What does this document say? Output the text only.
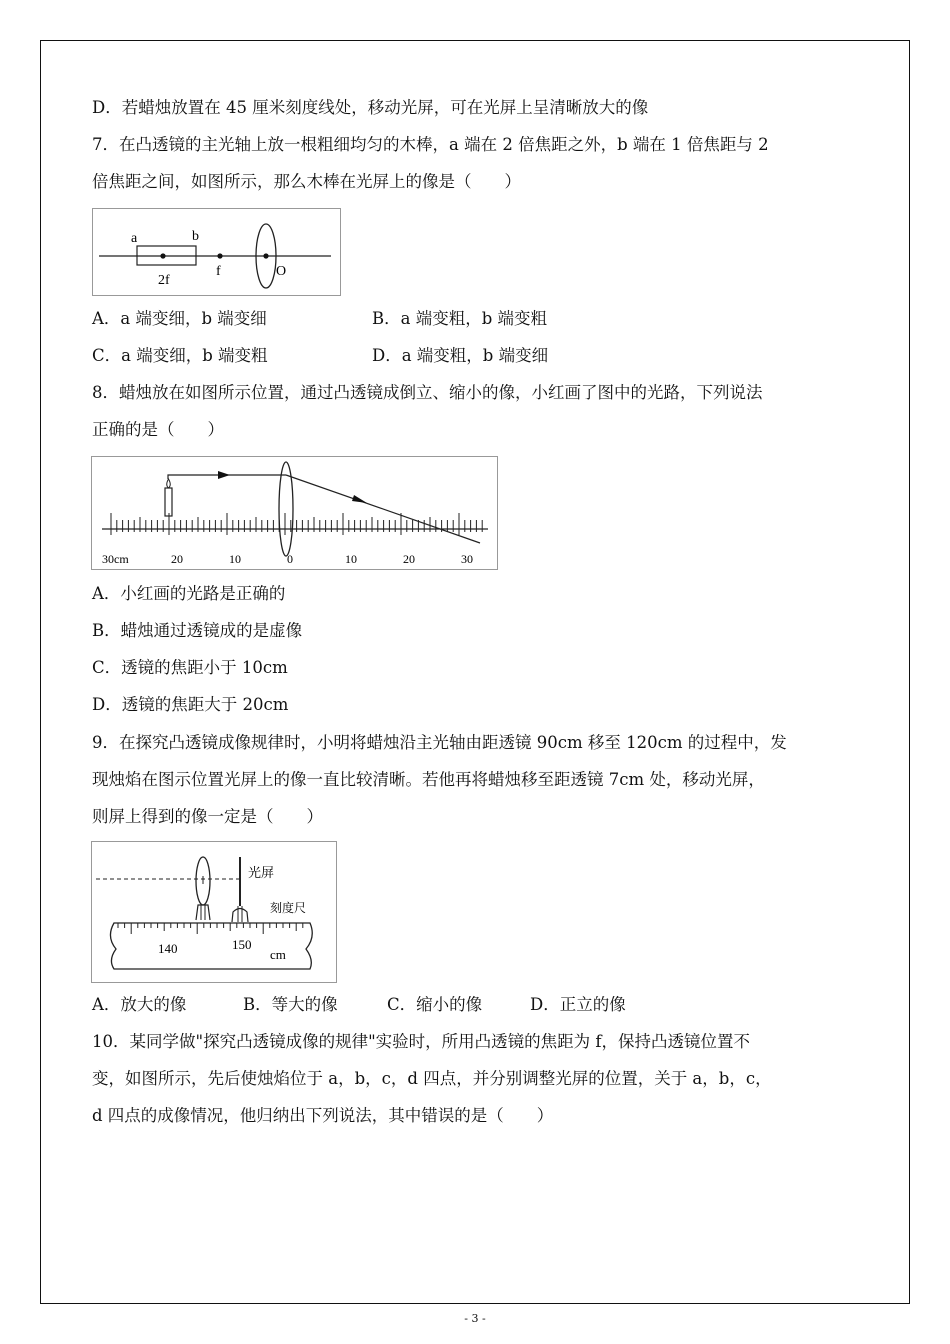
D．若蜡烛放置在 45 厘米刻度线处，移动光屏，可在光屏上呈清晰放大的像
7．在凸透镜的主光轴上放一根粗细均匀的木棒，a 端在 2 倍焦距之外，b 端在 1 倍焦距与 2
倍焦距之间，如图所示，那么木棒在光屏上的像是（　　）
a	b
2f
f	O
A．a 端变细，b 端变细	B．a 端变粗，b 端变粗
C．a 端变细，b 端变粗	D．a 端变粗，b 端变细
8．蜡烛放在如图所示位置，通过凸透镜成倒立、缩小的像，小红画了图中的光路，下列说法
正确的是（　　）
30cm	20	10	0	10	20	30
A．小红画的光路是正确的
B．蜡烛通过透镜成的是虚像
C．透镜的焦距小于 10cm
D．透镜的焦距大于 20cm
9．在探究凸透镜成像规律时，小明将蜡烛沿主光轴由距透镜 90cm 移至 120cm 的过程中，发
现烛焰在图示位置光屏上的像一直比较清晰。若他再将蜡烛移至距透镜 7cm 处，移动光屏，
则屏上得到的像一定是（　　）
140	150
cm
光屏
刻度尺
A．放大的像	B．等大的像	C．缩小的像	D．正立的像
10．某同学做"探究凸透镜成像的规律"实验时，所用凸透镜的焦距为 f，保持凸透镜位置不
变，如图所示，先后使烛焰位于 a，b，c，d 四点，并分别调整光屏的位置，关于 a，b，c，
d 四点的成像情况，他归纳出下列说法，其中错误的是（　　）
- 3 -
